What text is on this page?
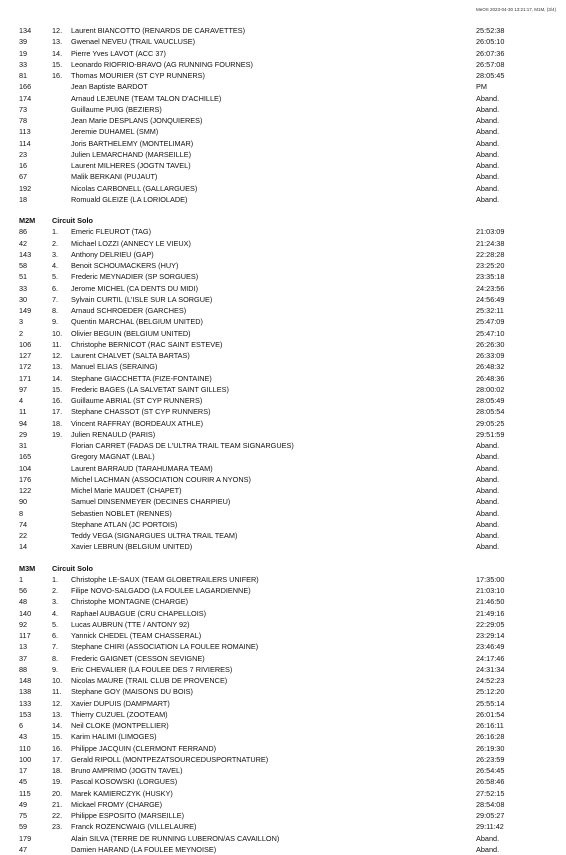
MeOS 2023-04-30 13:21:17, M1M, (3/4)
134	12. Laurent BIANCOTTO (RENARDS DE CARAVETTES)	25:52:38
39	13. Gwenael NEVEU (TRAIL VAUCLUSE)	26:05:10
19	14. Pierre Yves LAVOT (ACC 37)	26:07:36
33	15. Leonardo RIOFRIO-BRAVO (AG RUNNING FOURNES)	26:57:08
81	16. Thomas MOURIER (ST CYP RUNNERS)	28:05:45
166	Jean Baptiste BARDOT	PM
174	Arnaud LEJEUNE (TEAM TALON D'ACHILLE)	Aband.
73	Guillaume PUIG (BEZIERS)	Aband.
78	Jean Marie DESPLANS (JONQUIERES)	Aband.
113	Jeremie DUHAMEL (SMM)	Aband.
114	Joris BARTHELEMY (MONTELIMAR)	Aband.
23	Julien LEMARCHAND (MARSEILLE)	Aband.
16	Laurent MILHERES (JOGTN TAVEL)	Aband.
67	Malik BERKANI (PUJAUT)	Aband.
192	Nicolas CARBONELL (GALLARGUES)	Aband.
18	Romuald GLEIZE (LA LORIOLADE)	Aband.
M2M Circuit Solo
86	1. Emeric FLEUROT (TAG)	21:03:09
42	2. Michael LOZZI (ANNECY LE VIEUX)	21:24:38
143	3. Anthony DELRIEU (GAP)	22:28:28
58	4. Benoit SCHOUMACKERS (HUY)	23:25:20
51	5. Frederic MEYNADIER (SP SORGUES)	23:35:18
33	6. Jerome MICHEL (CA DENTS DU MIDI)	24:23:56
30	7. Sylvain CURTIL (L'ISLE SUR LA SORGUE)	24:56:49
149	8. Arnaud SCHROEDER (GARCHES)	25:32:11
3	9. Quentin MARCHAL (BELGIUM UNITED)	25:47:09
2	10. Olivier BEGUIN (BELGIUM UNITED)	25:47:10
106	11. Christophe BERNICOT (RAC SAINT ESTEVE)	26:26:30
127	12. Laurent CHALVET (SALTA BARTAS)	26:33:09
172	13. Manuel ELIAS (SERAING)	26:48:32
171	14. Stephane GIACCHETTA (FIZE-FONTAINE)	26:48:36
97	15. Frederic BAGES (LA SALVETAT SAINT GILLES)	28:00:02
4	16. Guillaume ABRIAL (ST CYP RUNNERS)	28:05:49
11	17. Stephane CHASSOT (ST CYP RUNNERS)	28:05:54
94	18. Vincent RAFFRAY (BORDEAUX ATHLE)	29:05:25
29	19. Julien RENAULD (PARIS)	29:51:59
31	Florian CARRET (FADAS DE L'ULTRA TRAIL TEAM SIGNARGUES)	Aband.
165	Gregory MAGNAT (LBAL)	Aband.
104	Laurent BARRAUD (TARAHUMARA TEAM)	Aband.
176	Michel LACHMAN (ASSOCIATION COURIR A NYONS)	Aband.
122	Michel Marie MAUDET (CHAPET)	Aband.
90	Samuel DINSENMEYER (DECINES CHARPIEU)	Aband.
8	Sebastien NOBLET (RENNES)	Aband.
74	Stephane ATLAN (JC PORTOIS)	Aband.
22	Teddy VEGA (SIGNARGUES ULTRA TRAIL TEAM)	Aband.
14	Xavier LEBRUN (BELGIUM UNITED)	Aband.
M3M Circuit Solo
1	1. Christophe LE-SAUX (TEAM GLOBETRAILERS UNIFER)	17:35:00
56	2. Filipe NOVO-SALGADO (LA FOULEE LAGARDIENNE)	21:03:10
48	3. Christophe MONTAGNE (CHARGE)	21:46:50
140	4. Raphael AUBAGUE (CRU CHAPELLOIS)	21:49:16
92	5. Lucas AUBRUN (TTE / ANTONY 92)	22:29:05
117	6. Yannick CHEDEL (TEAM CHASSERAL)	23:29:14
13	7. Stephane CHIRI (ASSOCIATION LA FOULEE ROMAINE)	23:46:49
37	8. Frederic GAIGNET (CESSON SEVIGNE)	24:17:46
88	9. Eric CHEVALIER (LA FOULEE DES 7 RIVIERES)	24:31:34
148	10. Nicolas MAURE (TRAIL CLUB DE PROVENCE)	24:52:23
138	11. Stephane GOY (MAISONS DU BOIS)	25:12:20
133	12. Xavier DUPUIS (DAMPMART)	25:55:14
153	13. Thierry CUZUEL (ZOOTEAM)	26:01:54
6	14. Neil CLOKE (MONTPELLIER)	26:16:11
43	15. Karim HALIMI (LIMOGES)	26:16:28
110	16. Philippe JACQUIN (CLERMONT FERRAND)	26:19:30
100	17. Gerald RIPOLL (MONTPEZATSOURCEDUSPORTNATURE)	26:23:59
17	18. Bruno AMPRIMO (JOGTN TAVEL)	26:54:45
45	19. Pascal KOSOWSKI (LORGUES)	26:58:46
115	20. Marek KAMIERCZYK (HUSKY)	27:52:15
49	21. Mickael FROMY (CHARGE)	28:54:08
75	22. Philippe ESPOSITO (MARSEILLE)	29:05:27
59	23. Franck ROZENCWAIG (VILLELAURE)	29:11:42
179	Alain SILVA (TERRE DE RUNNING LUBERON/AS CAVAILLON)	Aband.
47	Damien HARAND (LA FOULEE MEYNOISE)	Aband.
